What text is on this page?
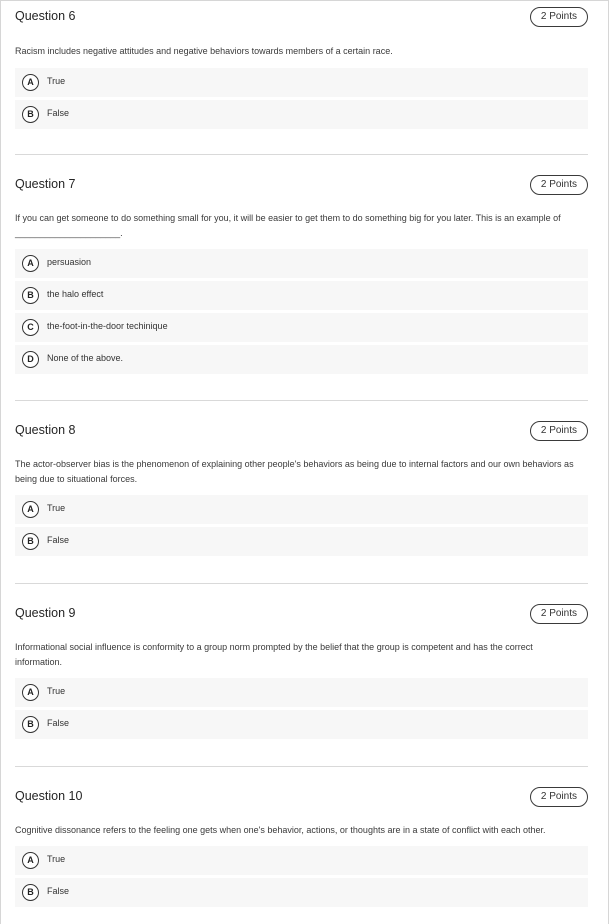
Question 6	2 Points
Racism includes negative attitudes and negative behaviors towards members of a certain race.
A	True
B	False
Question 7	2 Points
If you can get someone to do something small for you, it will be easier to get them to do something big for you later. This is an example of _____________________.
A	persuasion
B	the halo effect
C	the-foot-in-the-door techinique
D	None of the above.
Question 8	2 Points
The actor-observer bias is the phenomenon of explaining other people's behaviors as being due to internal factors and our own behaviors as being due to situational forces.
A	True
B	False
Question 9	2 Points
Informational social influence is conformity to a group norm prompted by the belief that the group is competent and has the correct information.
A	True
B	False
Question 10	2 Points
Cognitive dissonance refers to the feeling one gets when one's behavior, actions, or thoughts are in a state of conflict with each other.
A	True
B	False
